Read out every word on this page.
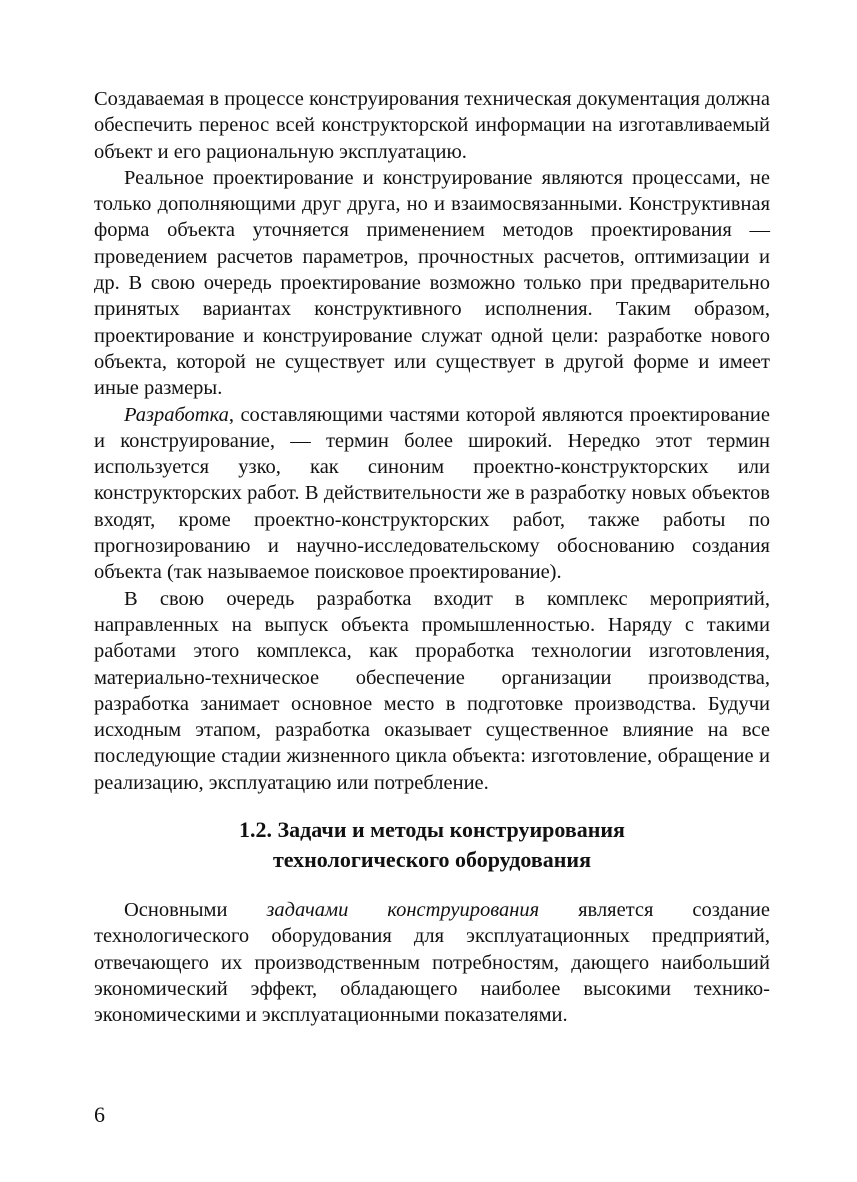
Создаваемая в процессе конструирования техническая документация должна обеспечить перенос всей конструкторской информации на изготавливаемый объект и его рациональную эксплуатацию.

Реальное проектирование и конструирование являются процессами, не только дополняющими друг друга, но и взаимосвязанными. Конструктивная форма объекта уточняется применением методов проектирования — проведением расчетов параметров, прочностных расчетов, оптимизации и др. В свою очередь проектирование возможно только при предварительно принятых вариантах конструктивного исполнения. Таким образом, проектирование и конструирование служат одной цели: разработке нового объекта, которой не существует или существует в другой форме и имеет иные размеры.

Разработка, составляющими частями которой являются проектирование и конструирование, — термин более широкий. Нередко этот термин используется узко, как синоним проектно-конструкторских или конструкторских работ. В действительности же в разработку новых объектов входят, кроме проектно-конструкторских работ, также работы по прогнозированию и научно-исследовательскому обоснованию создания объекта (так называемое поисковое проектирование).

В свою очередь разработка входит в комплекс мероприятий, направленных на выпуск объекта промышленностью. Наряду с такими работами этого комплекса, как проработка технологии изготовления, материально-техническое обеспечение организации производства, разработка занимает основное место в подготовке производства. Будучи исходным этапом, разработка оказывает существенное влияние на все последующие стадии жизненного цикла объекта: изготовление, обращение и реализацию, эксплуатацию или потребление.

1.2. Задачи и методы конструирования
технологического оборудования

Основными задачами конструирования является создание технологического оборудования для эксплуатационных предприятий, отвечающего их производственным потребностям, дающего наибольший экономический эффект, обладающего наиболее высокими технико-экономическими и эксплуатационными показателями.

6
